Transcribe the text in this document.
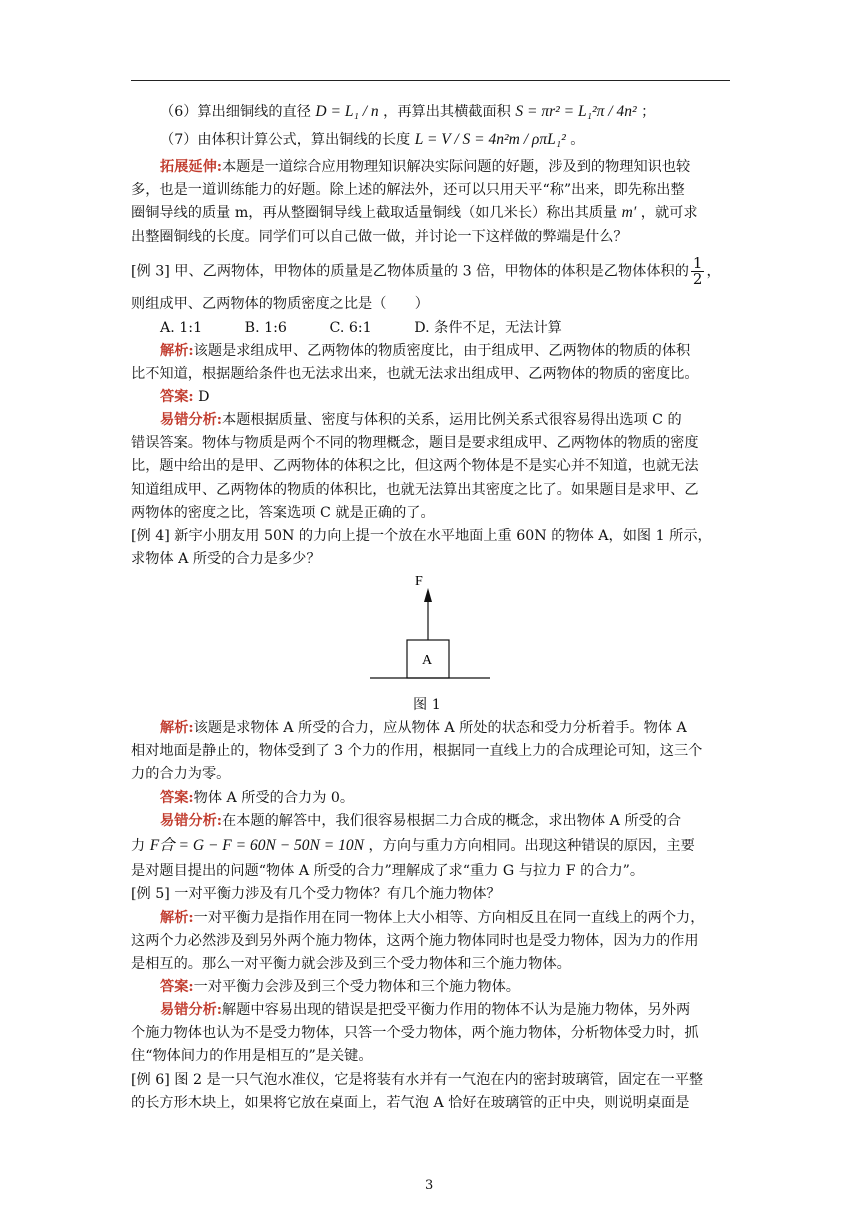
（6）算出细铜线的直径 D = L₁ / n ，再算出其横截面积 S = πr² = L₁²π / 4n² ；
（7）由体积计算公式，算出铜线的长度 L = V / S = 4n²m / ρπL₁² 。
拓展延伸:本题是一道综合应用物理知识解决实际问题的好题，涉及到的物理知识也较
多，也是一道训练能力的好题。除上述的解法外，还可以只用天平“称”出来，即先称出整
圈铜导线的质量 m，再从整圈铜导线上截取适量铜线（如几米长）称出其质量 m′ ，就可求
出整圈铜线的长度。同学们可以自己做一做，并讨论一下这样做的弊端是什么？
[例 3] 甲、乙两物体，甲物体的质量是乙物体质量的 3 倍，甲物体的体积是乙物体体积的 $\frac{1}{2}$ ，
则组成甲、乙两物体的物质密度之比是（　　）
A. 1:1　　　B. 1:6　　　C. 6:1　　　D. 条件不足，无法计算
解析:该题是求组成甲、乙两物体的物质密度比，由于组成甲、乙两物体的物质的体积
比不知道，根据题给条件也无法求出来，也就无法求出组成甲、乙两物体的物质的密度比。
答案: D
易错分析:本题根据质量、密度与体积的关系，运用比例关系式很容易得出选项 C 的
错误答案。物体与物质是两个不同的物理概念，题目是要求组成甲、乙两物体的物质的密度
比，题中给出的是甲、乙两物体的体积之比，但这两个物体是不是实心并不知道，也就无法
知道组成甲、乙两物体的物质的体积比，也就无法算出其密度之比了。如果题目是求甲、乙
两物体的密度之比，答案选项 C 就是正确的了。
[例 4] 新宇小朋友用 50N 的力向上提一个放在水平地面上重 60N 的物体 A，如图 1 所示，
求物体 A 所受的合力是多少？
F
A
图 1
解析:该题是求物体 A 所受的合力，应从物体 A 所处的状态和受力分析着手。物体 A
相对地面是静止的，物体受到了 3 个力的作用，根据同一直线上力的合成理论可知，这三个
力的合力为零。
答案:物体 A 所受的合力为 0。
易错分析:在本题的解答中，我们很容易根据二力合成的概念，求出物体 A 所受的合
力 F合 = G − F = 60N − 50N = 10N ，方向与重力方向相同。出现这种错误的原因，主要
是对题目提出的问题“物体 A 所受的合力”理解成了求“重力 G 与拉力 F 的合力”。
[例 5] 一对平衡力涉及有几个受力物体？有几个施力物体？
解析:一对平衡力是指作用在同一物体上大小相等、方向相反且在同一直线上的两个力，
这两个力必然涉及到另外两个施力物体，这两个施力物体同时也是受力物体，因为力的作用
是相互的。那么一对平衡力就会涉及到三个受力物体和三个施力物体。
答案:一对平衡力会涉及到三个受力物体和三个施力物体。
易错分析:解题中容易出现的错误是把受平衡力作用的物体不认为是施力物体，另外两
个施力物体也认为不是受力物体，只答一个受力物体，两个施力物体，分析物体受力时，抓
住“物体间力的作用是相互的”是关键。
[例 6] 图 2 是一只气泡水准仪，它是将装有水并有一气泡在内的密封玻璃管，固定在一平整
的长方形木块上，如果将它放在桌面上，若气泡 A 恰好在玻璃管的正中央，则说明桌面是
3
